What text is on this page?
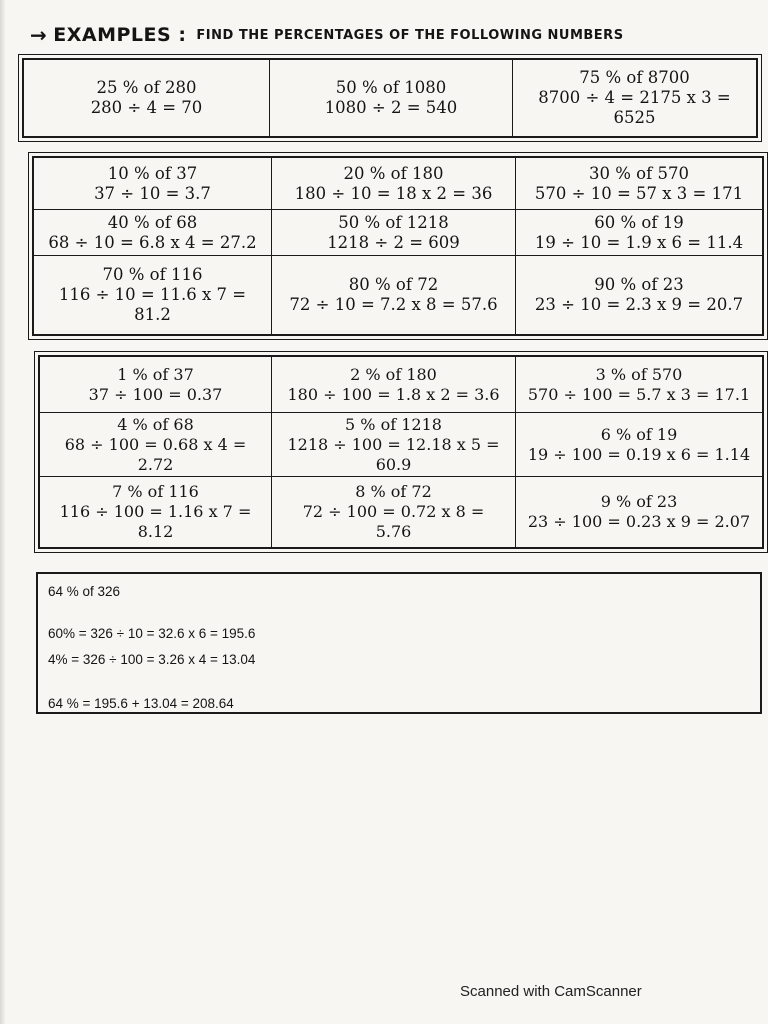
→ EXAMPLES : FIND THE PERCENTAGES OF THE FOLLOWING NUMBERS
25 % of 280
280 ÷ 4 = 70
50 % of 1080
1080 ÷ 2 = 540
75 % of 8700
8700 ÷ 4 = 2175 x 3 =
6525
10 % of 37
37 ÷ 10 = 3.7
20 % of 180
180 ÷ 10 = 18 x 2 = 36
30 % of 570
570 ÷ 10 = 57 x 3 = 171
40 % of 68
68 ÷ 10 = 6.8 x 4 = 27.2
50 % of 1218
1218 ÷ 2 = 609
60 % of 19
19 ÷ 10 = 1.9 x 6 = 11.4
70 % of 116
116 ÷ 10 = 11.6 x 7 =
81.2
80 % of 72
72 ÷ 10 = 7.2 x 8 = 57.6
90 % of 23
23 ÷ 10 = 2.3 x 9 = 20.7
1 % of 37
37 ÷ 100 = 0.37
2 % of 180
180 ÷ 100 = 1.8 x 2 = 3.6
3 % of 570
570 ÷ 100 = 5.7 x 3 = 17.1
4 % of 68
68 ÷ 100 = 0.68 x 4 =
2.72
5 % of 1218
1218 ÷ 100 = 12.18 x 5 =
60.9
6 % of 19
19 ÷ 100 = 0.19 x 6 = 1.14
7 % of 116
116 ÷ 100 = 1.16 x 7 =
8.12
8 % of 72
72 ÷ 100 = 0.72 x 8 =
5.76
9 % of 23
23 ÷ 100 = 0.23 x 9 = 2.07
64 % of 326
60% = 326 ÷ 10 = 32.6 x 6 = 195.6
4% = 326 ÷ 100 = 3.26 x 4 = 13.04
64 % = 195.6 + 13.04 = 208.64
Scanned with CamScanner
